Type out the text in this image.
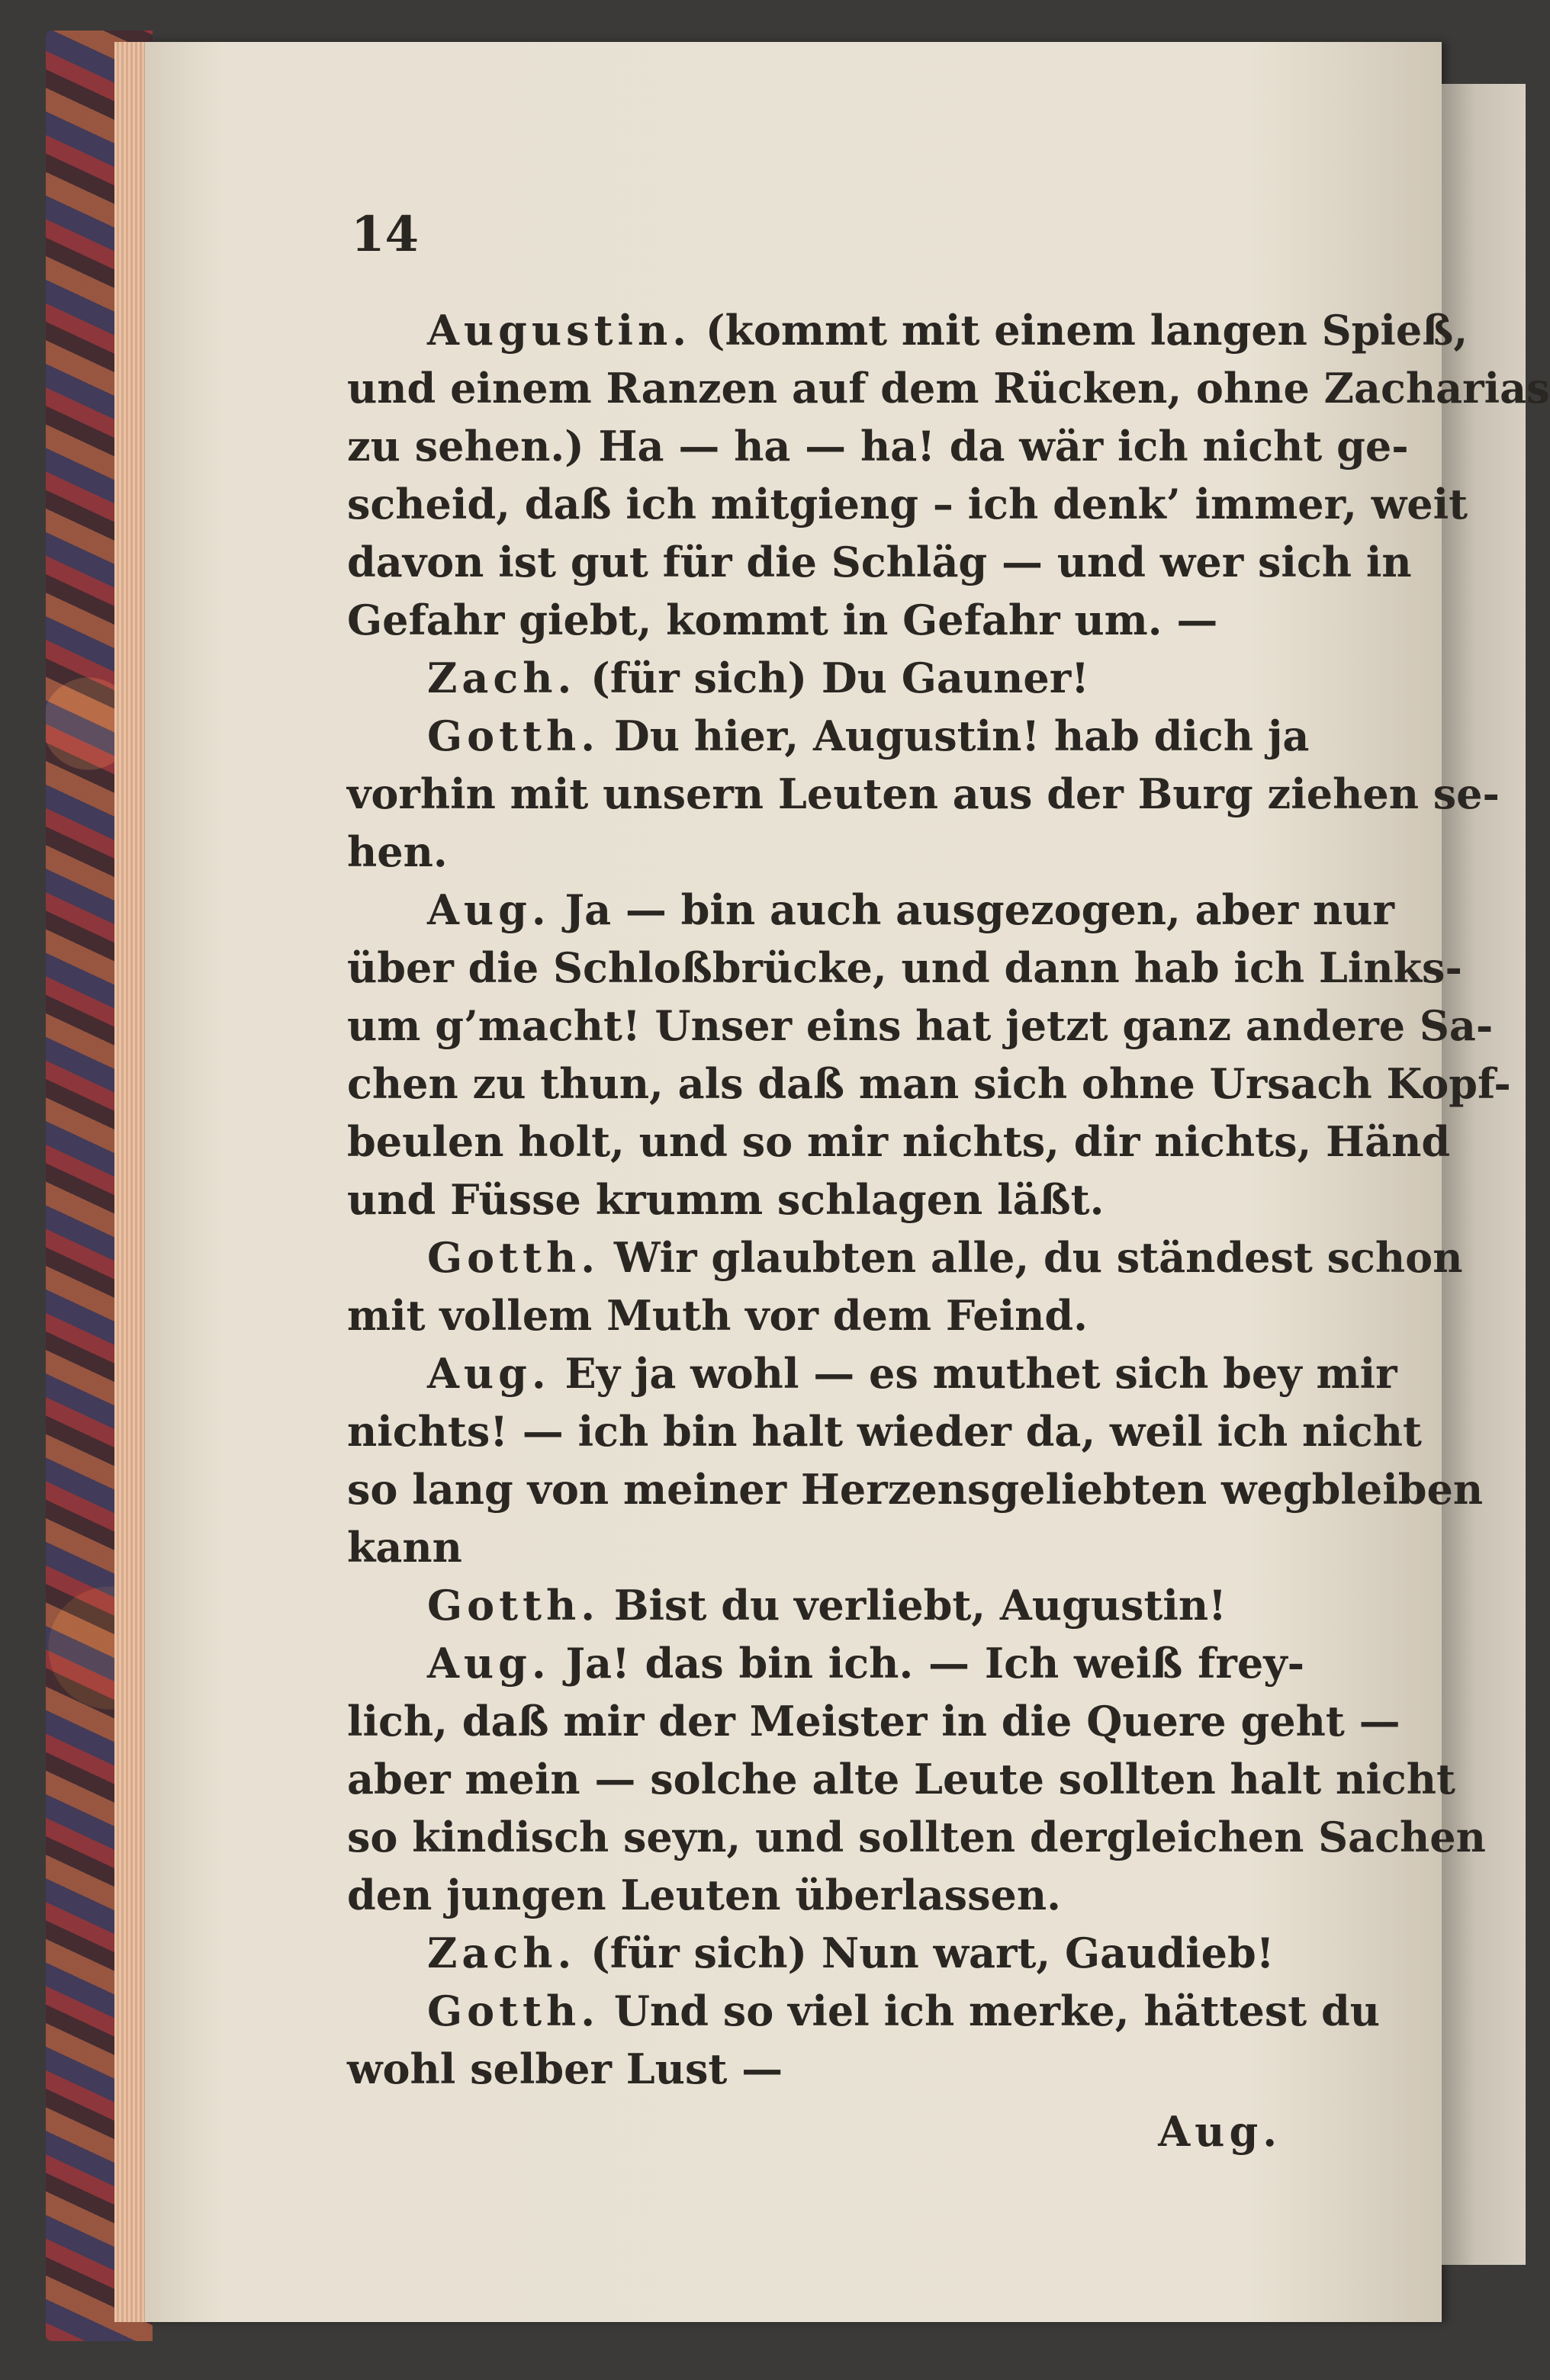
14
Augustin. (kommt mit einem langen Spieß,
und einem Ranzen auf dem Rücken, ohne Zacharias
zu sehen.) Ha — ha — ha! da wär ich nicht ge-
scheid, daß ich mitgieng – ich denk’ immer, weit
davon ist gut für die Schläg — und wer sich in
Gefahr giebt, kommt in Gefahr um. —
Zach. (für sich) Du Gauner!
Gotth. Du hier, Augustin! hab dich ja
vorhin mit unsern Leuten aus der Burg ziehen se-
hen.
Aug. Ja — bin auch ausgezogen, aber nur
über die Schloßbrücke, und dann hab ich Links-
um g’macht! Unser eins hat jetzt ganz andere Sa-
chen zu thun, als daß man sich ohne Ursach Kopf-
beulen holt, und so mir nichts, dir nichts, Händ
und Füsse krumm schlagen läßt.
Gotth. Wir glaubten alle, du ständest schon
mit vollem Muth vor dem Feind.
Aug. Ey ja wohl — es muthet sich bey mir
nichts! — ich bin halt wieder da, weil ich nicht
so lang von meiner Herzensgeliebten wegbleiben
kann
Gotth. Bist du verliebt, Augustin!
Aug. Ja! das bin ich. — Ich weiß frey-
lich, daß mir der Meister in die Quere geht —
aber mein — solche alte Leute sollten halt nicht
so kindisch seyn, und sollten dergleichen Sachen
den jungen Leuten überlassen.
Zach. (für sich) Nun wart, Gaudieb!
Gotth. Und so viel ich merke, hättest du
wohl selber Lust —
Aug.
